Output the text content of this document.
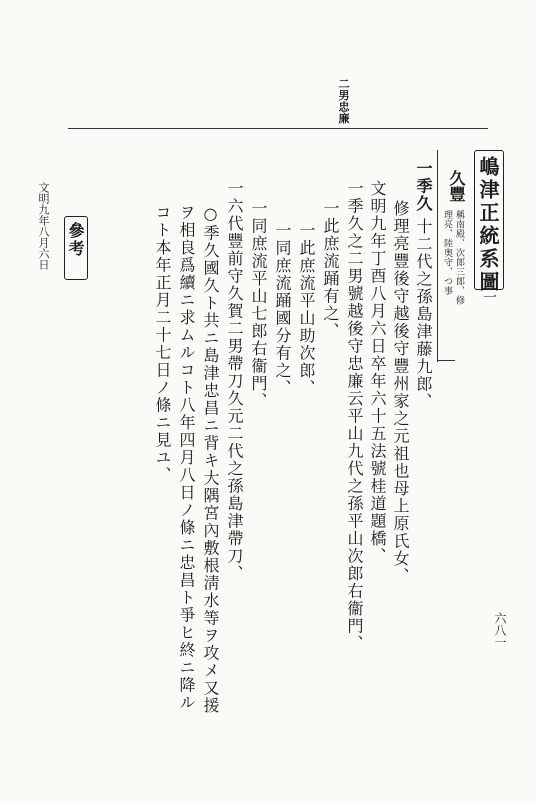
二男忠廉
嶋津正統系圖
一
久豐
稱南殿、次郎三郎、修
理亮、陸奥守、つ事
一季久
十二代之孫島津藤九郎、
修理亮豐後守越後守豐州家之元祖也母上原氏女、
文明九年丁酉八月六日卒年六十五法號桂道題橋、
一季久之二男號越後守忠廉云平山九代之孫平山次郎右衞門、
一此庶流踊有之、
一此庶流平山助次郎、
一同庶流踊國分有之、
一同庶流平山七郎右衞門、
一六代豐前守久賀二男帶刀久元二代之孫島津帶刀、
○季久國久ト共ニ島津忠昌ニ背キ大隅宮內敷根淸水等ヲ攻メ又援
ヲ相良爲續ニ求ムルコト八年四月八日ノ條ニ忠昌ト爭ヒ終ニ降ル
コト本年正月二十七日ノ條ニ見ユ、
參考
文明九年八月六日
六八一
